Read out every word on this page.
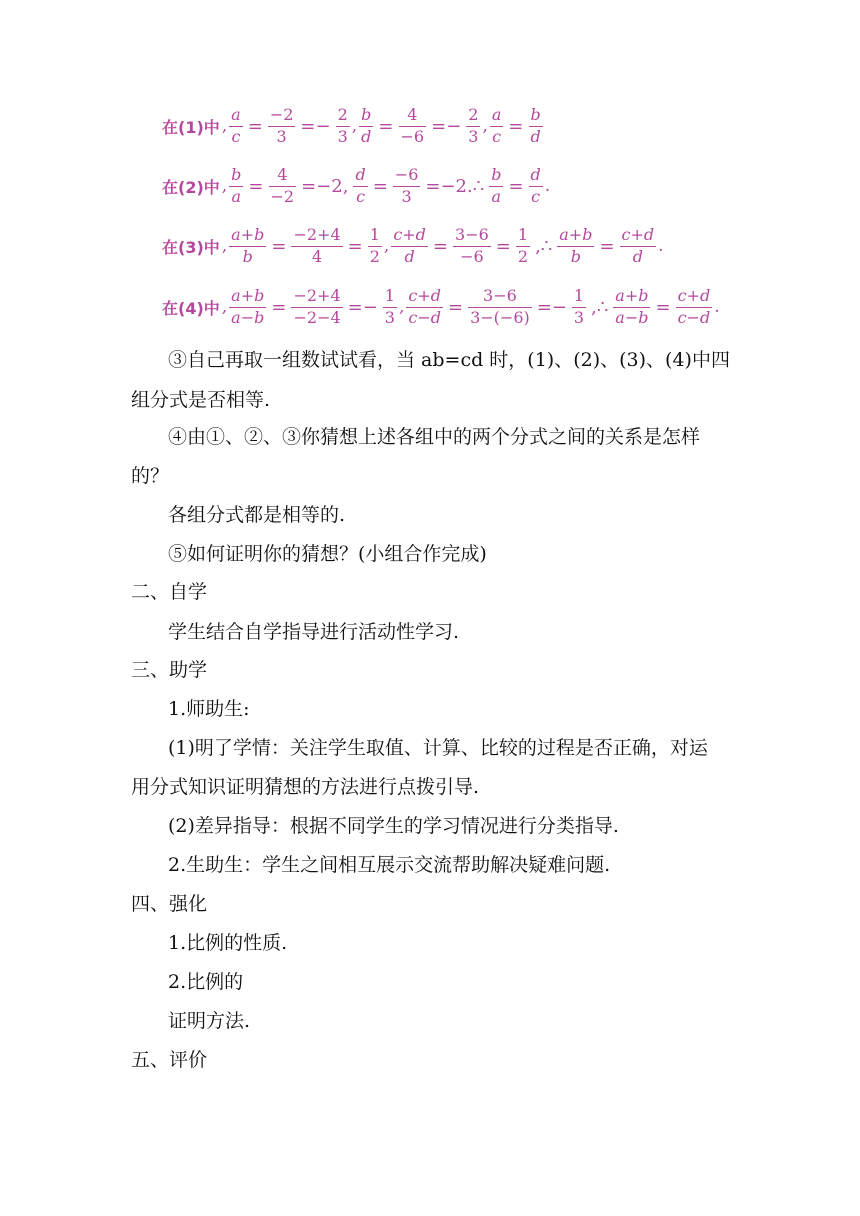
在(1)中 , $\frac{a}{c} = \frac{-2}{3} =- \frac{2}{3}$ , $\frac{b}{d} = \frac{4}{-6} =- \frac{2}{3}$ , $\frac{a}{c} = \frac{b}{d}$
在(2)中 , $\frac{b}{a} = \frac{4}{-2} =-2$, $\frac{d}{c} = \frac{-6}{3}$ =−2.∴ $\frac{b}{a} = \frac{d}{c}$ .
在(3)中 , $\frac{a+b}{b} = \frac{-2+4}{4} = \frac{1}{2}$ , $\frac{c+d}{d} = \frac{3-6}{-6} = \frac{1}{2}$ ,∴ $\frac{a+b}{b} = \frac{c+d}{d}$ .
在(4)中 , $\frac{a+b}{a-b} = \frac{-2+4}{-2-4} =- \frac{1}{3}$ , $\frac{c+d}{c-d} = \frac{3-6}{3-(-6)} =- \frac{1}{3}$ ,∴ $\frac{a+b}{a-b} = \frac{c+d}{c-d}$ .
③自己再取一组数试试看，当 ab=cd 时，(1)、(2)、(3)、(4)中四
组分式是否相等.
④由①、②、③你猜想上述各组中的两个分式之间的关系是怎样
的？
各组分式都是相等的.
⑤如何证明你的猜想？(小组合作完成)
二、自学
学生结合自学指导进行活动性学习.
三、助学
1.师助生:
(1)明了学情：关注学生取值、计算、比较的过程是否正确，对运
用分式知识证明猜想的方法进行点拨引导.
(2)差异指导：根据不同学生的学习情况进行分类指导.
2.生助生：学生之间相互展示交流帮助解决疑难问题.
四、强化
1.比例的性质.
2.比例的
证明方法.
五、评价
